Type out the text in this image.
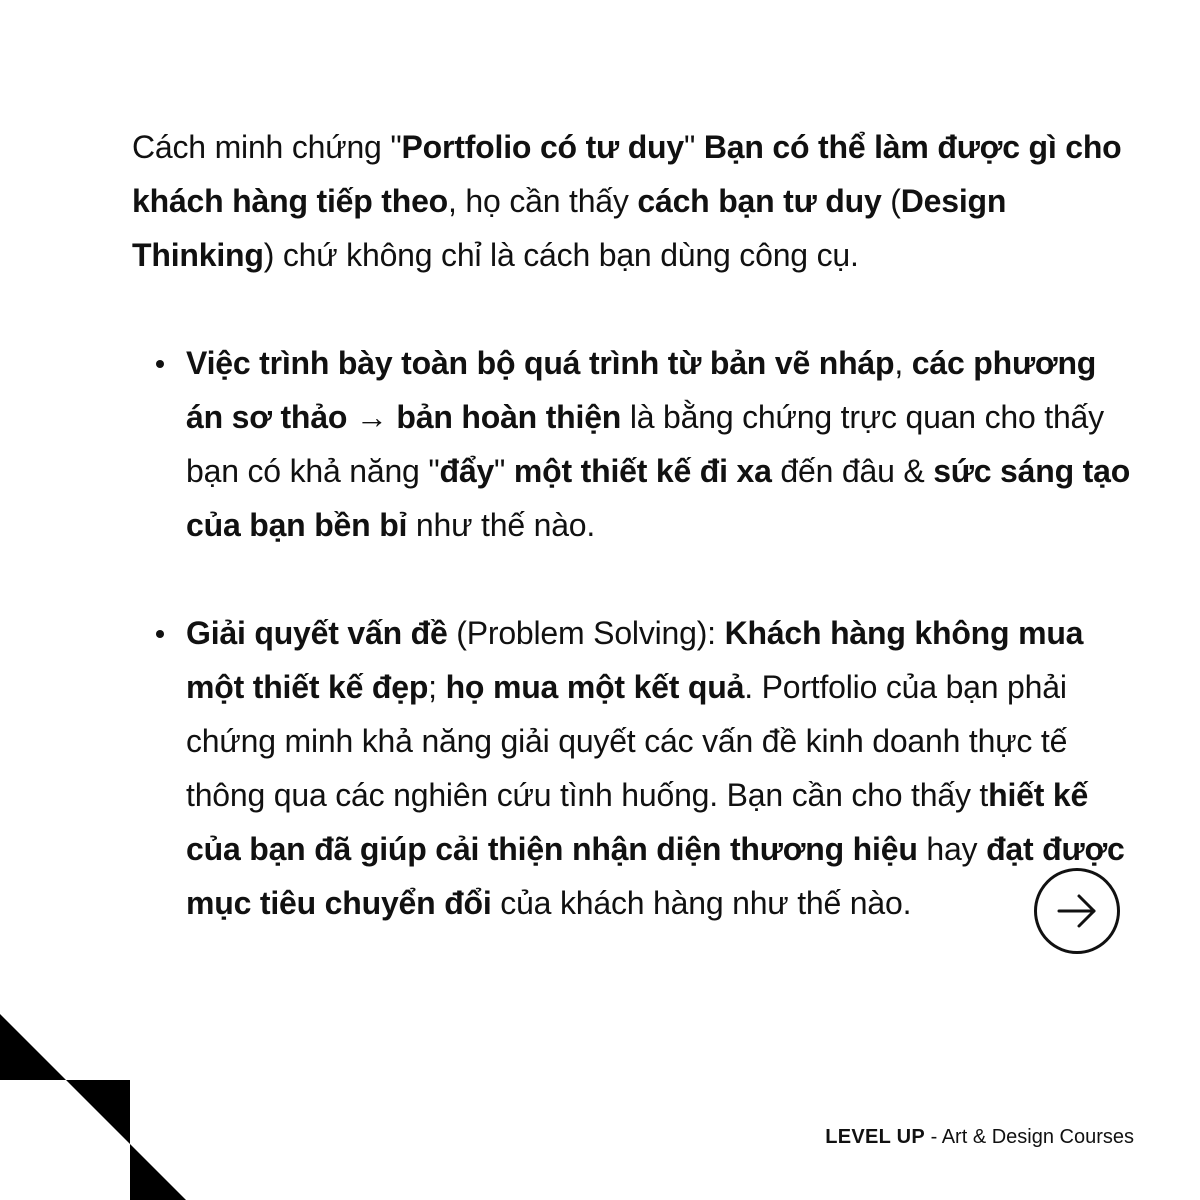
Cách minh chứng "Portfolio có tư duy" Bạn có thể làm được gì cho khách hàng tiếp theo, họ cần thấy cách bạn tư duy (Design Thinking) chứ không chỉ là cách bạn dùng công cụ.

Việc trình bày toàn bộ quá trình từ bản vẽ nháp, các phương án sơ thảo → bản hoàn thiện là bằng chứng trực quan cho thấy bạn có khả năng "đẩy" một thiết kế đi xa đến đâu & sức sáng tạo của bạn bền bỉ như thế nào.
Giải quyết vấn đề (Problem Solving): Khách hàng không mua một thiết kế đẹp; họ mua một kết quả. Portfolio của bạn phải chứng minh khả năng giải quyết các vấn đề kinh doanh thực tế thông qua các nghiên cứu tình huống. Bạn cần cho thấy thiết kế của bạn đã giúp cải thiện nhận diện thương hiệu hay đạt được mục tiêu chuyển đổi của khách hàng như thế nào.
LEVEL UP - Art & Design Courses
